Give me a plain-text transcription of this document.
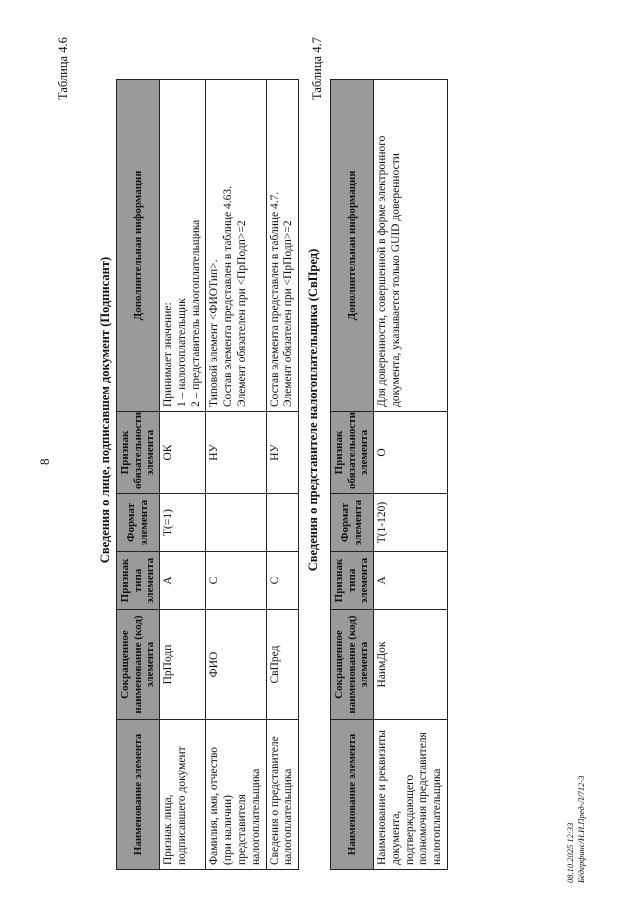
8
Таблица 4.6
Сведения о лице, подписавшем документ (Подписант)
Наименование элемента	Сокращенное наименование (код) элемента	Признак типа элемента	Формат элемента	Признак обязательности элемента	Дополнительная информация
Признак лица, подписавшего документ	ПрПодп	А	T(=1)	ОК	Принимает значение:
1 – налогоплательщик
2 – представитель налогоплательщика
Фамилия, имя, отчество (при наличии) представителя налогоплательщика	ФИО	С		НУ	Типовой элемент <ФИОТип>.
Состав элемента представлен в таблице 4.63.
Элемент обязателен при <ПрПодп>=2
Сведения о представителе налогоплательщика	СвПред	С		НУ	Состав элемента представлен в таблице 4.7.
Элемент обязателен при <ПрПодп>=2
Таблица 4.7
Сведения о представителе налогоплательщика (СвПред)
Наименование элемента	Сокращенное наименование (код) элемента	Признак типа элемента	Формат элемента	Признак обязательности элемента	Дополнительная информация
Наименование и реквизиты документа, подтверждающего полномочия представителя налогоплательщика	НаимДок	А	T(1-120)	О	Для доверенности, совершенной в форме электронного документа, указывается только GUID доверенности
08.10.2025 12:33 Бёдерфинс/Н.И.Пред-Л/712-3
